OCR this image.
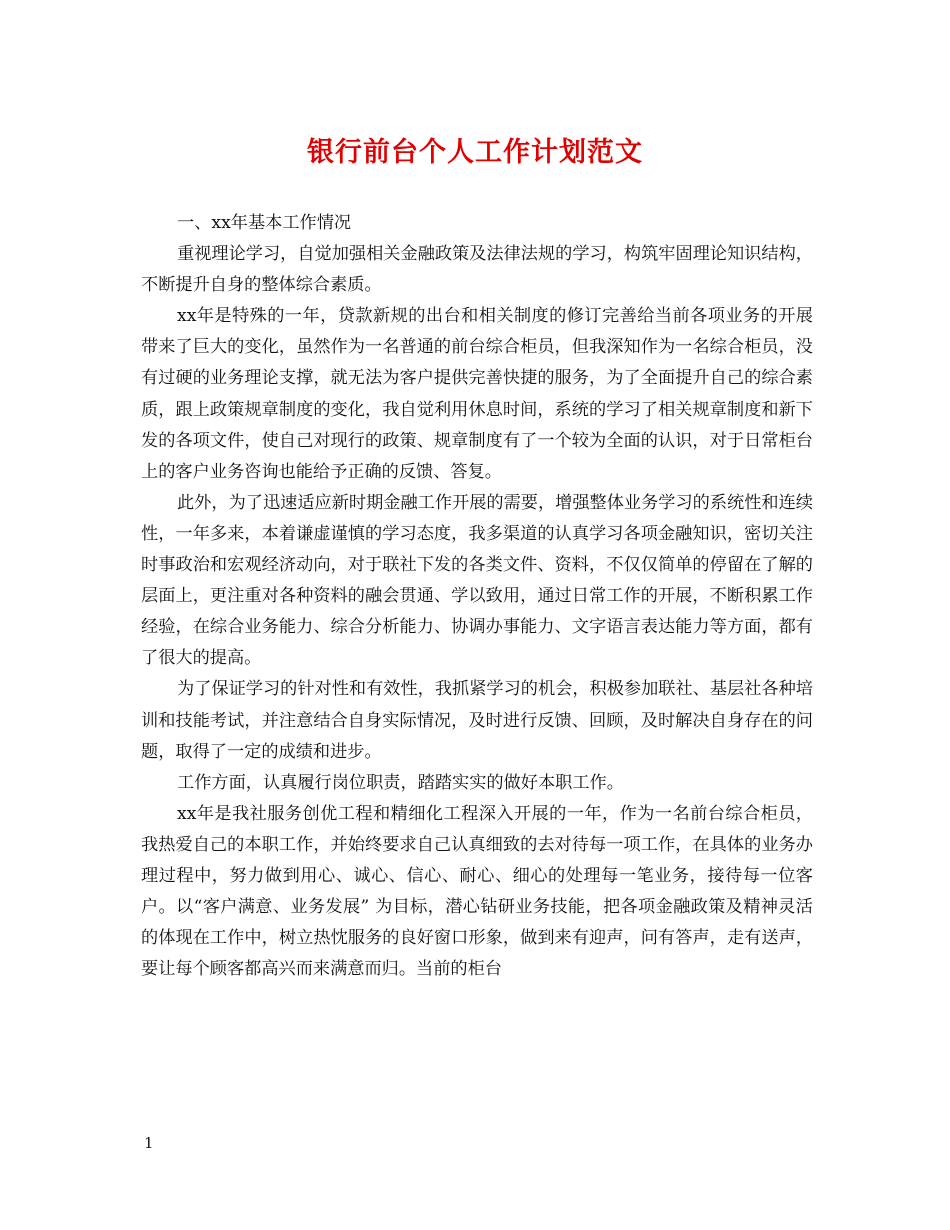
银行前台个人工作计划范文

一、xx年基本工作情况

重视理论学习，自觉加强相关金融政策及法律法规的学习，构筑牢固理论知识结构，不断提升自身的整体综合素质。

xx年是特殊的一年，贷款新规的出台和相关制度的修订完善给当前各项业务的开展带来了巨大的变化，虽然作为一名普通的前台综合柜员，但我深知作为一名综合柜员，没有过硬的业务理论支撑，就无法为客户提供完善快捷的服务，为了全面提升自己的综合素质，跟上政策规章制度的变化，我自觉利用休息时间，系统的学习了相关规章制度和新下发的各项文件，使自己对现行的政策、规章制度有了一个较为全面的认识，对于日常柜台上的客户业务咨询也能给予正确的反馈、答复。

此外，为了迅速适应新时期金融工作开展的需要，增强整体业务学习的系统性和连续性，一年多来，本着谦虚谨慎的学习态度，我多渠道的认真学习各项金融知识，密切关注时事政治和宏观经济动向，对于联社下发的各类文件、资料，不仅仅简单的停留在了解的层面上，更注重对各种资料的融会贯通、学以致用，通过日常工作的开展，不断积累工作经验，在综合业务能力、综合分析能力、协调办事能力、文字语言表达能力等方面，都有了很大的提高。

为了保证学习的针对性和有效性，我抓紧学习的机会，积极参加联社、基层社各种培训和技能考试，并注意结合自身实际情况，及时进行反馈、回顾，及时解决自身存在的问题，取得了一定的成绩和进步。

工作方面，认真履行岗位职责，踏踏实实的做好本职工作。

xx年是我社服务创优工程和精细化工程深入开展的一年，作为一名前台综合柜员，我热爱自己的本职工作，并始终要求自己认真细致的去对待每一项工作，在具体的业务办理过程中，努力做到用心、诚心、信心、耐心、细心的处理每一笔业务，接待每一位客户。以“客户满意、业务发展” 为目标，潜心钻研业务技能，把各项金融政策及精神灵活的体现在工作中，树立热忱服务的良好窗口形象，做到来有迎声，问有答声，走有送声，要让每个顾客都高兴而来满意而归。当前的柜台

1
